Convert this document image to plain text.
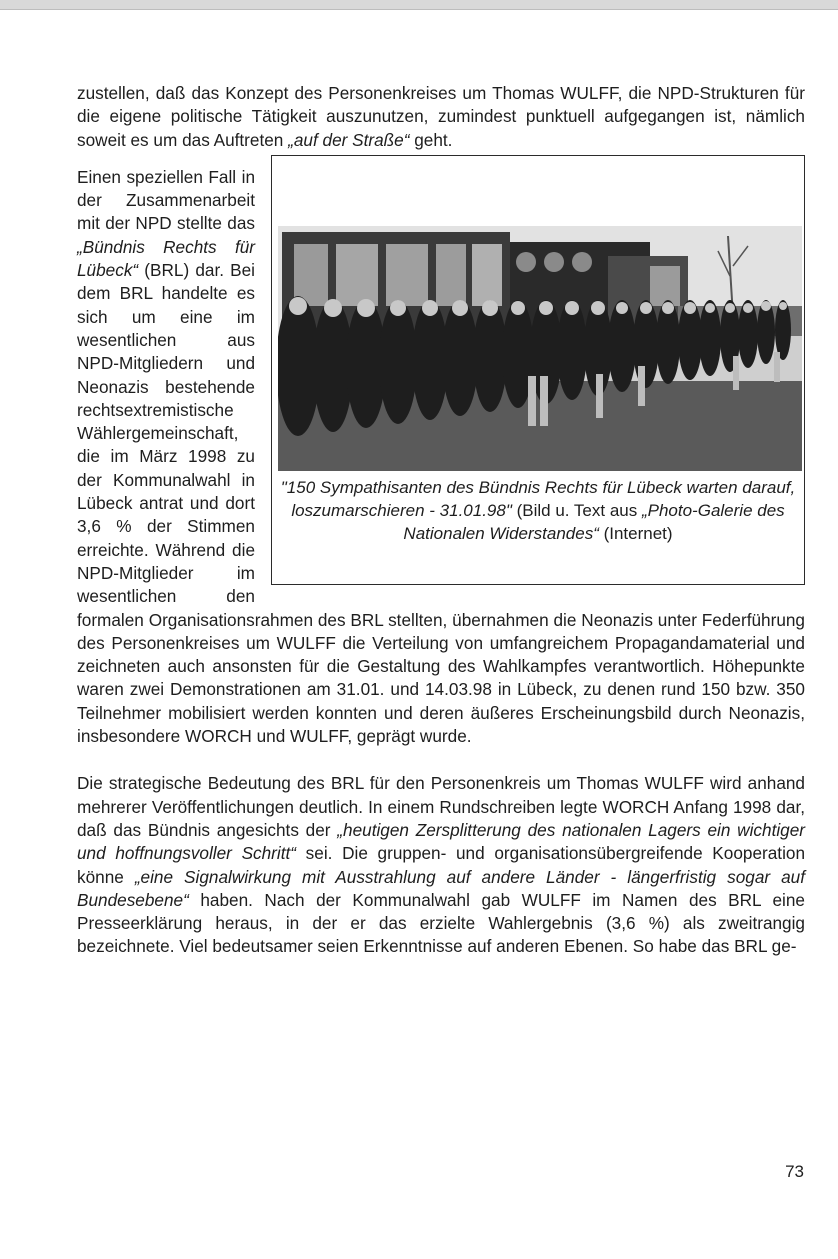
zustellen, daß das Konzept des Personenkreises um Thomas WULFF, die NPD-Strukturen für die eigene politische Tätigkeit auszunutzen, zumindest punktuell aufgegangen ist, nämlich soweit es um das Auftreten „auf der Straße“ geht.

"150 Sympathisanten des Bündnis Rechts für Lübeck warten darauf, loszumarschieren - 31.01.98" (Bild u. Text aus „Photo-Galerie des Nationalen Widerstandes“ (Internet)

Einen speziellen Fall in der Zusammenarbeit mit der NPD stellte das „Bündnis Rechts für Lübeck“ (BRL) dar. Bei dem BRL handelte es sich um eine im wesentlichen aus NPD-Mitgliedern und Neonazis bestehende rechtsextremistische Wählergemeinschaft, die im März 1998 zu der Kommunalwahl in Lübeck antrat und dort 3,6 % der Stimmen erreichte. Während die NPD-Mitglieder im wesentlichen den formalen Organisationsrahmen des BRL stellten, übernahmen die Neonazis unter Federführung des Personenkreises um WULFF die Verteilung von umfangreichem Propagandamaterial und zeichneten auch ansonsten für die Gestaltung des Wahlkampfes verantwortlich. Höhepunkte waren zwei Demonstrationen am 31.01. und 14.03.98 in Lübeck, zu denen rund 150 bzw. 350 Teilnehmer mobilisiert werden konnten und deren äußeres Erscheinungsbild durch Neonazis, insbesondere WORCH und WULFF, geprägt wurde.

Die strategische Bedeutung des BRL für den Personenkreis um Thomas WULFF wird anhand mehrerer Veröffentlichungen deutlich. In einem Rundschreiben legte WORCH Anfang 1998 dar, daß das Bündnis angesichts der „heutigen Zersplitterung des nationalen Lagers ein wichtiger und hoffnungsvoller Schritt“ sei. Die gruppen- und organisationsübergreifende Kooperation könne „eine Signalwirkung mit Ausstrahlung auf andere Länder - längerfristig sogar auf Bundesebene“ haben. Nach der Kommunalwahl gab WULFF im Namen des BRL eine Presseerklärung heraus, in der er das erzielte Wahlergebnis (3,6 %) als zweitrangig bezeichnete. Viel bedeutsamer seien Erkenntnisse auf anderen Ebenen. So habe das BRL ge-

73
